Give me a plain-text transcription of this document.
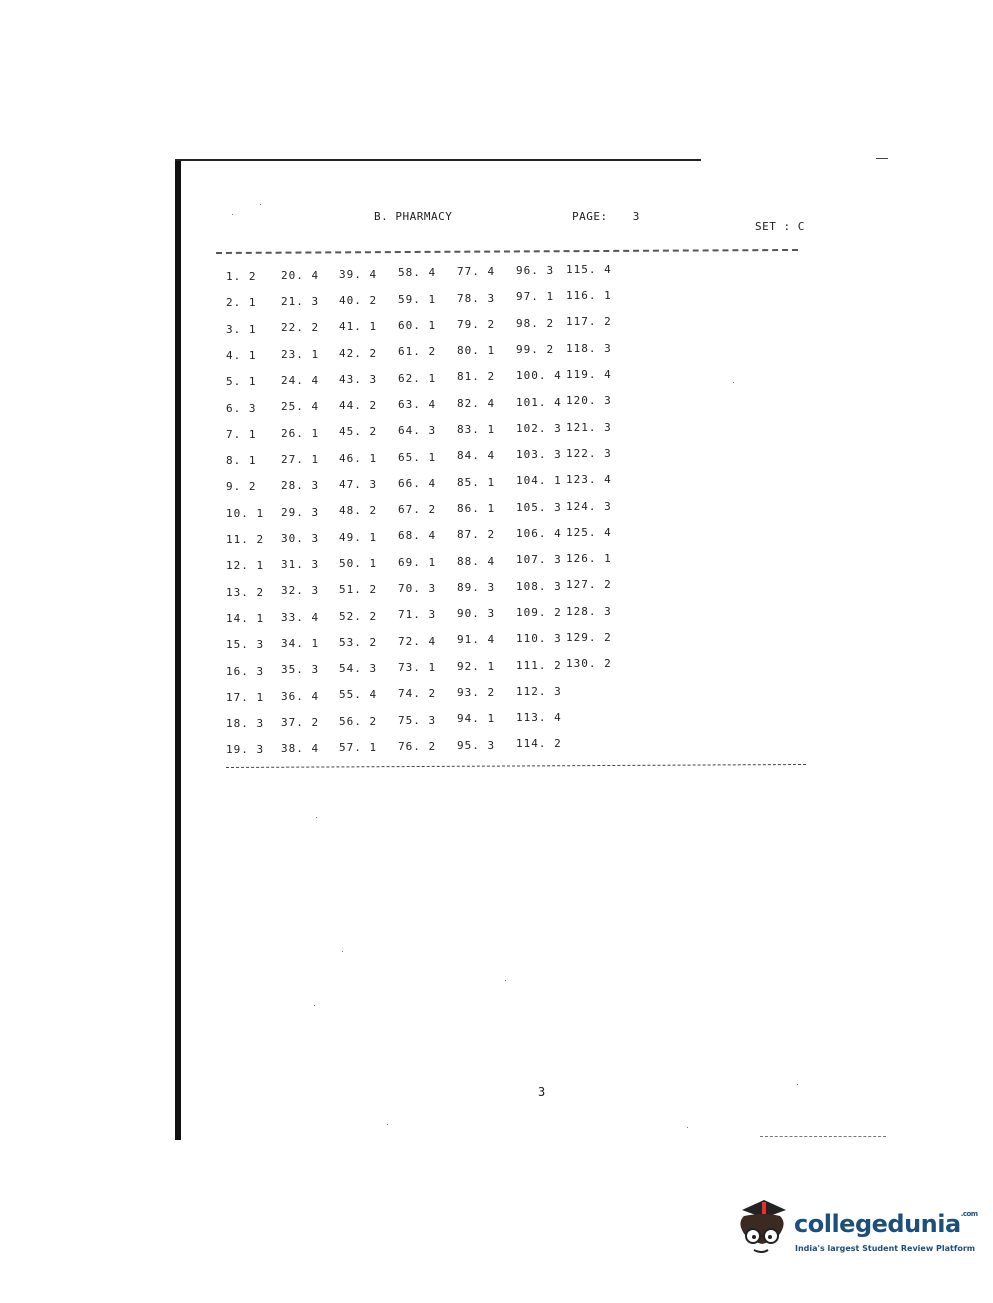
B. PHARMACY	PAGE: 3
SET : C
1. 2
2. 1
3. 1
4. 1
5. 1
6. 3
7. 1
8. 1
9. 2
10. 1
11. 2
12. 1
13. 2
14. 1
15. 3
16. 3
17. 1
18. 3
19. 3
20. 4
21. 3
22. 2
23. 1
24. 4
25. 4
26. 1
27. 1
28. 3
29. 3
30. 3
31. 3
32. 3
33. 4
34. 1
35. 3
36. 4
37. 2
38. 4
39. 4
40. 2
41. 1
42. 2
43. 3
44. 2
45. 2
46. 1
47. 3
48. 2
49. 1
50. 1
51. 2
52. 2
53. 2
54. 3
55. 4
56. 2
57. 1
58. 4
59. 1
60. 1
61. 2
62. 1
63. 4
64. 3
65. 1
66. 4
67. 2
68. 4
69. 1
70. 3
71. 3
72. 4
73. 1
74. 2
75. 3
76. 2
77. 4
78. 3
79. 2
80. 1
81. 2
82. 4
83. 1
84. 4
85. 1
86. 1
87. 2
88. 4
89. 3
90. 3
91. 4
92. 1
93. 2
94. 1
95. 3
96. 3
97. 1
98. 2
99. 2
100. 4
101. 4
102. 3
103. 3
104. 1
105. 3
106. 4
107. 3
108. 3
109. 2
110. 3
111. 2
112. 3
113. 4
114. 2
115. 4
116. 1
117. 2
118. 3
119. 4
120. 3
121. 3
122. 3
123. 4
124. 3
125. 4
126. 1
127. 2
128. 3
129. 2
130. 2
3
collegedunia$^{.com}$
India's largest Student Review Platform
